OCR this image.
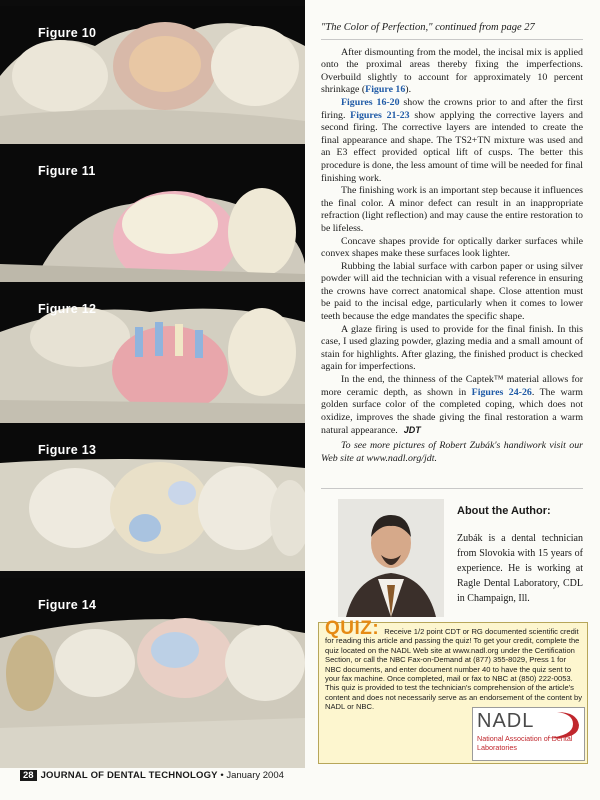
Figure 10
Figure 11
Figure 12
Figure 13
Figure 14
"The Color of Perfection," continued from page 27

After dismounting from the model, the incisal mix is applied onto the proximal areas thereby fixing the imperfections. Overbuild slightly to account for approximately 10 percent shrinkage (Figure 16).

Figures 16-20 show the crowns prior to and after the first firing. Figures 21-23 show applying the corrective layers and second firing. The corrective layers are intended to create the final appearance and shape. The TS2+TN mixture was used and an E3 effect provided optical lift of cusps. The better this procedure is done, the less amount of time will be needed for final finishing work.

The finishing work is an important step because it influences the final color. A minor defect can result in an inappropriate refraction (light reflection) and may cause the entire restoration to be lifeless.

Concave shapes provide for optically darker surfaces while convex shapes make these surfaces look lighter.

Rubbing the labial surface with carbon paper or using silver powder will aid the technician with a visual reference in ensuring the crowns have correct anatomical shape. Close attention must be paid to the incisal edge, particularly when it comes to lower teeth because the edge mandates the specific shape.

A glaze firing is used to provide for the final finish. In this case, I used glazing powder, glazing media and a small amount of stain for highlights. After glazing, the finished product is checked again for imperfections.

In the end, the thinness of the Captek™ material allows for more ceramic depth, as shown in Figures 24-26. The warm golden surface color of the completed coping, which does not oxidize, improves the shade giving the final restoration a warm natural appearance. JDT

To see more pictures of Robert Zubák's handiwork visit our Web site at www.nadl.org/jdt.

About the Author:
Zubák is a dental technician from Slovokia with 15 years of experience. He is working at Ragle Dental Laboratory, CDL in Champaign, Ill.
QUIZ: Receive 1/2 point CDT or RG documented scientific credit for reading this article and passing the quiz! To get your credit, complete the quiz located on the NADL Web site at www.nadl.org under the Certification Section, or call the NBC Fax-on-Demand at (877) 355-8029, Press 1 for NBC documents, and enter document number 40 to have the quiz sent to your fax machine. Once completed, mail or fax to NBC at (850) 222-0053. This quiz is provided to test the technician's comprehension of the article's content and does not necessarily serve as an endorsement of the content by NADL or NBC.
NADL
National Association of Dental Laboratories
28 JOURNAL OF DENTAL TECHNOLOGY • January 2004
